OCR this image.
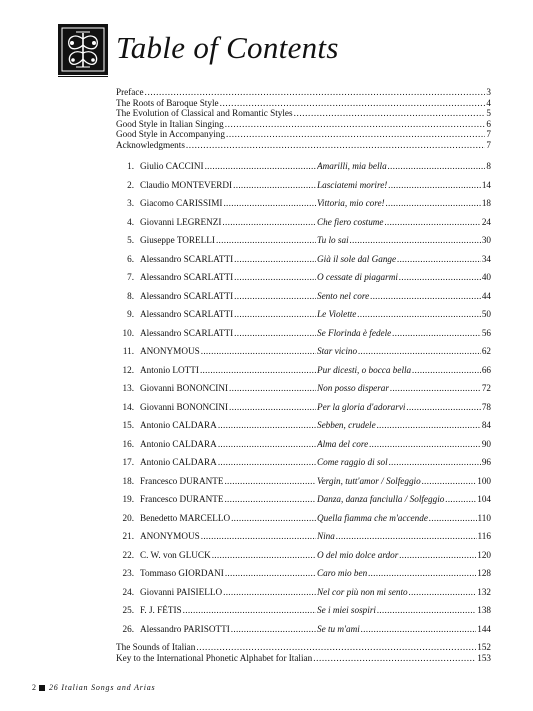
Table of Contents
Preface .....	3
The Roots of Baroque Style .....	4
The Evolution of Classical and Romantic Styles .....	5
Good Style in Italian Singing .....	6
Good Style in Accompanying .....	7
Acknowledgments .....	7
1. Giulio CACCINI .....	Amarilli, mia bella .....	8
2. Claudio MONTEVERDI .....	Lasciatemi morire! .....	14
3. Giacomo CARISSIMI .....	Vittoria, mio core! .....	18
4. Giovanni LEGRENZI .....	Che fiero costume .....	24
5. Giuseppe TORELLI .....	Tu lo sai .....	30
6. Alessandro SCARLATTI .....	Già il sole dal Gange .....	34
7. Alessandro SCARLATTI .....	O cessate di piagarmi .....	40
8. Alessandro SCARLATTI .....	Sento nel core .....	44
9. Alessandro SCARLATTI .....	Le Violette .....	50
10. Alessandro SCARLATTI .....	Se Florinda è fedele .....	56
11. ANONYMOUS .....	Star vicino .....	62
12. Antonio LOTTI .....	Pur dicesti, o bocca bella .....	66
13. Giovanni BONONCINI .....	Non posso disperar .....	72
14. Giovanni BONONCINI .....	Per la gloria d'adorarvi .....	78
15. Antonio CALDARA .....	Sebben, crudele .....	84
16. Antonio CALDARA .....	Alma del core .....	90
17. Antonio CALDARA .....	Come raggio di sol .....	96
18. Francesco DURANTE .....	Vergin, tutt'amor / Solfeggio .....	100
19. Francesco DURANTE .....	Danza, danza fanciulla / Solfeggio .....	104
20. Benedetto MARCELLO .....	Quella fiamma che m'accende .....	110
21. ANONYMOUS .....	Nina .....	116
22. C. W. von GLUCK .....	O del mio dolce ardor .....	120
23. Tommaso GIORDANI .....	Caro mio ben .....	128
24. Giovanni PAISIELLO .....	Nel cor più non mi sento .....	132
25. F. J. FÉTIS .....	Se i miei sospiri .....	138
26. Alessandro PARISOTTI .....	Se tu m'ami .....	144
The Sounds of Italian .....	152
Key to the International Phonetic Alphabet for Italian .....	153
2 26 Italian Songs and Arias
